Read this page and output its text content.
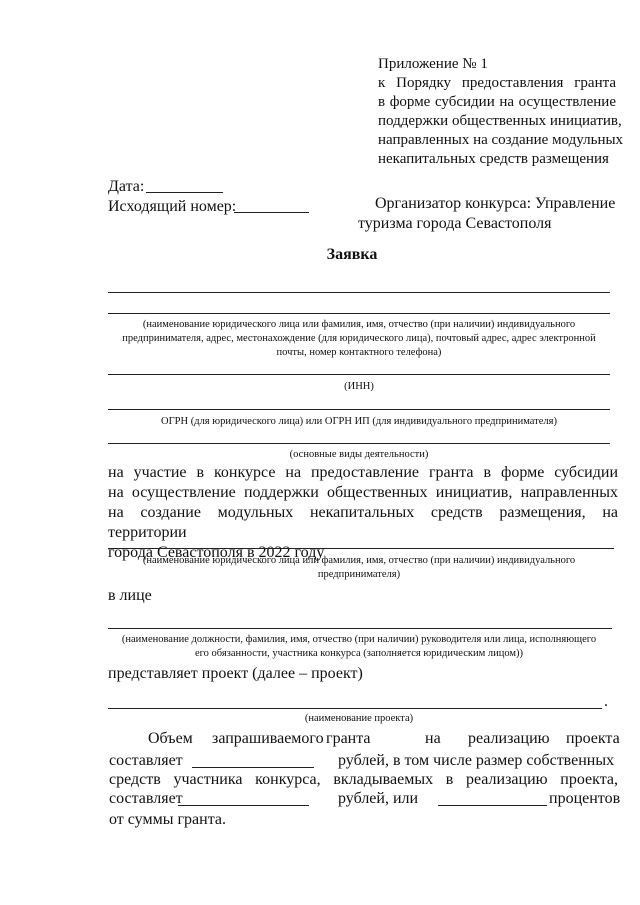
Приложение № 1
к Порядку предоставления гранта
в форме субсидии на осуществление
поддержки общественных инициатив,
направленных на создание модульных
некапитальных средств размещения
Дата:
Исходящий номер:	Организатор конкурса: Управление
туризма города Севастополя
Заявка
(наименование юридического лица или фамилия, имя, отчество (при наличии) индивидуального
предпринимателя, адрес, местонахождение (для юридического лица), почтовый адрес, адрес электронной
почты, номер контактного телефона)
(ИНН)
ОГРН (для юридического лица) или ОГРН ИП (для индивидуального предпринимателя)
(основные виды деятельности)
на участие в конкурсе на предоставление гранта в форме субсидии
на осуществление поддержки общественных инициатив, направленных
на создание модульных некапитальных средств размещения, на территории
города Севастополя в 2022 году
(наименование юридического лица или фамилия, имя, отчество (при наличии) индивидуального
предпринимателя)
в лице
(наименование должности, фамилия, имя, отчество (при наличии) руководителя или лица, исполняющего
его обязанности, участника конкурса (заполняется юридическим лицом))
представляет проект (далее – проект)
.
(наименование проекта)
Объем запрашиваемого гранта	на реализацию проекта
составляет	рублей, в том числе размер собственных
средств участника конкурса, вкладываемых в реализацию проекта,
составляет	рублей, или	процентов
от суммы гранта.
